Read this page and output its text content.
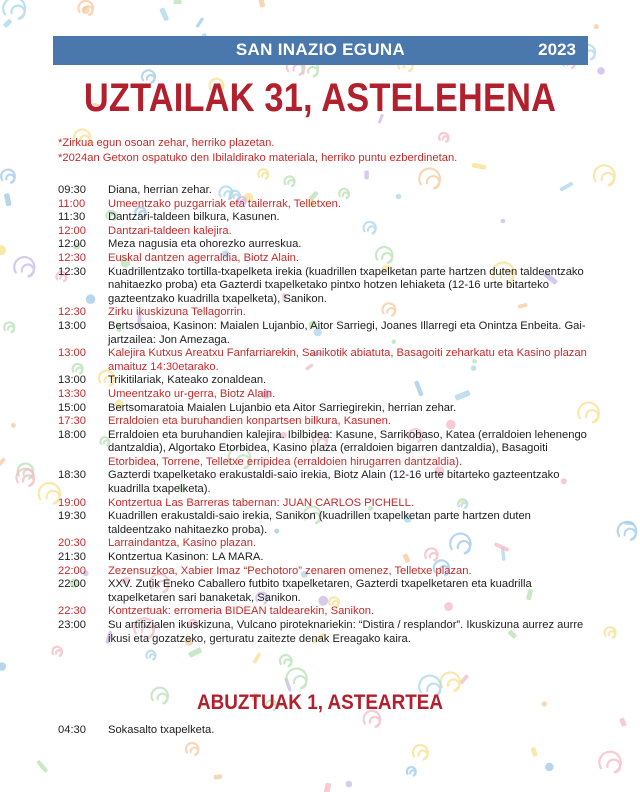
SAN INAZIO EGUNA	2023
UZTAILAK 31, ASTELEHENA
*Zirkua egun osoan zehar, herriko plazetan.
*2024an Getxon ospatuko den Ibilaldirako materiala, herriko puntu ezberdinetan.
09:30	Diana, herrian zehar.
11:00	Umeentzako puzgarriak eta tailerrak, Telletxen.
11:30	Dantzari-taldeen bilkura, Kasunen.
12:00	Dantzari-taldeen kalejira.
12:00	Meza nagusia eta ohorezko aurreskua.
12:30	Euskal dantzen agerraldia, Biotz Alain.
12:30	Kuadrillentzako tortilla-txapelketa irekia (kuadrillen txapelketan parte hartzen duten taldeentzako
nahitaezko proba) eta Gazterdi txapelketako pintxo hotzen lehiaketa (12-16 urte bitarteko
gazteentzako kuadrilla txapelketa), Sanikon.
12:30	Zirku ikuskizuna Tellagorrin.
13:00	Bertsosaioa, Kasinon: Maialen Lujanbio, Aitor Sarriegi, Joanes Illarregi eta Onintza Enbeita. Gai-
jartzailea: Jon Amezaga.
13:00	Kalejira Kutxus Areatxu Fanfarriarekin, Sanikotik abiatuta, Basagoiti zeharkatu eta Kasino plazan
amaituz 14:30etarako.
13:00	Trikitilariak, Kateako zonaldean.
13:30	Umeentzako ur-gerra, Biotz Alain.
15:00	Bertsomaratoia Maialen Lujanbio eta Aitor Sarriegirekin, herrian zehar.
17:30	Erraldoien eta buruhandien konpartsen bilkura, Kasunen.
18:00	Erraldoien eta buruhandien kalejira. Ibilbidea: Kasune, Sarrikobaso, Katea (erraldoien lehenengo
dantzaldia), Algortako Etorbidea, Kasino plaza (erraldoien bigarren dantzaldia), Basagoiti
Etorbidea, Torrene, Telletxe erripidea (erraldoien hirugarren dantzaldia).
18:30	Gazterdi txapelketako erakustaldi-saio irekia, Biotz Alain (12-16 urte bitarteko gazteentzako
kuadrilla txapelketa).
19:00	Kontzertua Las Barreras tabernan: JUAN CARLOS PICHELL.
19:30	Kuadrillen erakustaldi-saio irekia, Sanikon (kuadrillen txapelketan parte hartzen duten
taldeentzako nahitaezko proba).
20:30	Larraindantza, Kasino plazan.
21:30	Kontzertua Kasinon: LA MARA.
22:00	Zezensuzkoa, Xabier Imaz “Pechotoro” zenaren omenez, Telletxe plazan.
22:00	XXV. Zutik Eneko Caballero futbito txapelketaren, Gazterdi txapelketaren eta kuadrilla
txapelketaren sari banaketak, Sanikon.
22:30	Kontzertuak: erromeria BIDEAN taldearekin, Sanikon.
23:00	Su artifizialen ikuskizuna, Vulcano piroteknariekin: “Distira / resplandor”. Ikuskizuna aurrez aurre
ikusi eta gozatzeko, gerturatu zaitezte denak Ereagako kaira.
ABUZTUAK 1, ASTEARTEA
04:30	Sokasalto txapelketa.
